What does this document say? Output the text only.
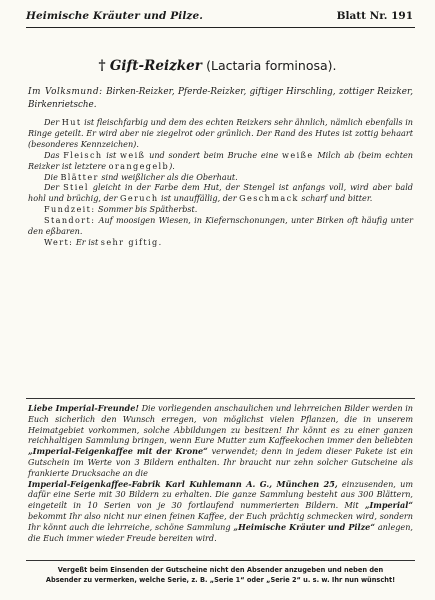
Heimische Kräuter und Pilze.	Blatt Nr. 191
† Gift-Reizker (Lactaria forminosa).
Im Volksmund: Birken-Reizker, Pferde-Reizker, giftiger Hirschling, zottiger Reizker, Birkenrietsche.

Der Hut ist fleischfarbig und dem des echten Reizkers sehr ähnlich, nämlich ebenfalls in Ringe geteilt. Er wird aber nie ziegelrot oder grünlich. Der Rand des Hutes ist zottig behaart (besonderes Kennzeichen).

Das Fleisch ist weiß und sondert beim Bruche eine weiße Milch ab (beim echten Reizker ist letztere orangegelb).

Die Blätter sind weißlicher als die Oberhaut.

Der Stiel gleicht in der Farbe dem Hut, der Stengel ist anfangs voll, wird aber bald hohl und brüchig, der Geruch ist unauffällig, der Geschmack scharf und bitter.

Fundzeit: Sommer bis Spätherbst.

Standort: Auf moosigen Wiesen, in Kiefernschonungen, unter Birken oft häufig unter den eßbaren.

Wert: Er ist sehr giftig.

Liebe Imperial-Freunde! Die vorliegenden anschaulichen und lehrreichen Bilder werden in Euch sicherlich den Wunsch erregen, von möglichst vielen Pflanzen, die in unserem Heimatgebiet vorkommen, solche Abbildungen zu besitzen! Ihr könnt es zu einer ganzen reichhaltigen Sammlung bringen, wenn Eure Mutter zum Kaffeekochen immer den beliebten „Imperial-Feigenkaffee mit der Krone“ verwendet; denn in jedem dieser Pakete ist ein Gutschein im Werte von 3 Bildern enthalten. Ihr braucht nur zehn solcher Gutscheine als frankierte Drucksache an die

Imperial-Feigenkaffee-Fabrik Karl Kuhlemann A. G., München 25, einzusenden, um dafür eine Serie mit 30 Bildern zu erhalten. Die ganze Sammlung besteht aus 300 Blättern, eingeteilt in 10 Serien von je 30 fortlaufend nummerierten Bildern. Mit „Imperial“ bekommt Ihr also nicht nur einen feinen Kaffee, der Euch prächtig schmecken wird, sondern Ihr könnt auch die lehrreiche, schöne Sammlung „Heimische Kräuter und Pilze“ anlegen, die Euch immer wieder Freude bereiten wird.

Vergeßt beim Einsenden der Gutscheine nicht den Absender anzugeben und neben den
Absender zu vermerken, welche Serie, z. B. „Serie 1“ oder „Serie 2“ u. s. w. Ihr nun wünscht!
